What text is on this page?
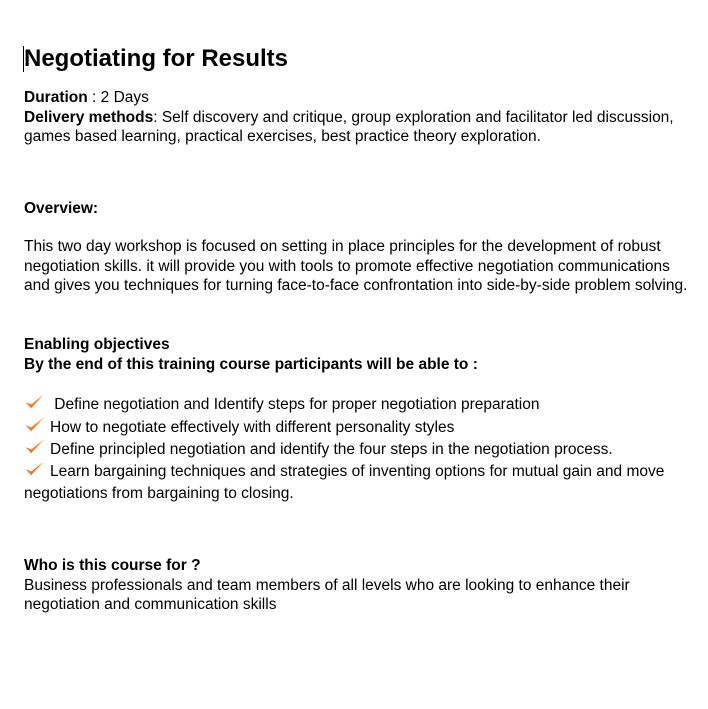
Negotiating for Results

Duration : 2 Days

Delivery methods: Self discovery and critique, group exploration and facilitator led discussion, games based learning, practical exercises, best practice theory exploration.

Overview:

This two day workshop is focused on setting in place principles for the development of robust negotiation skills. it will provide you with tools to promote effective negotiation communications and gives you techniques for turning face-to-face confrontation into side-by-side problem solving.

Enabling objectives

By the end of this training course participants will be able to :

Define negotiation and Identify steps for proper negotiation preparation
How to negotiate effectively with different personality styles
Define principled negotiation and identify the four steps in the negotiation process.
Learn bargaining techniques and strategies of inventing options for mutual gain and move negotiations from bargaining to closing.

Who is this course for ?

Business professionals and team members of all levels who are looking to enhance their negotiation and communication skills
